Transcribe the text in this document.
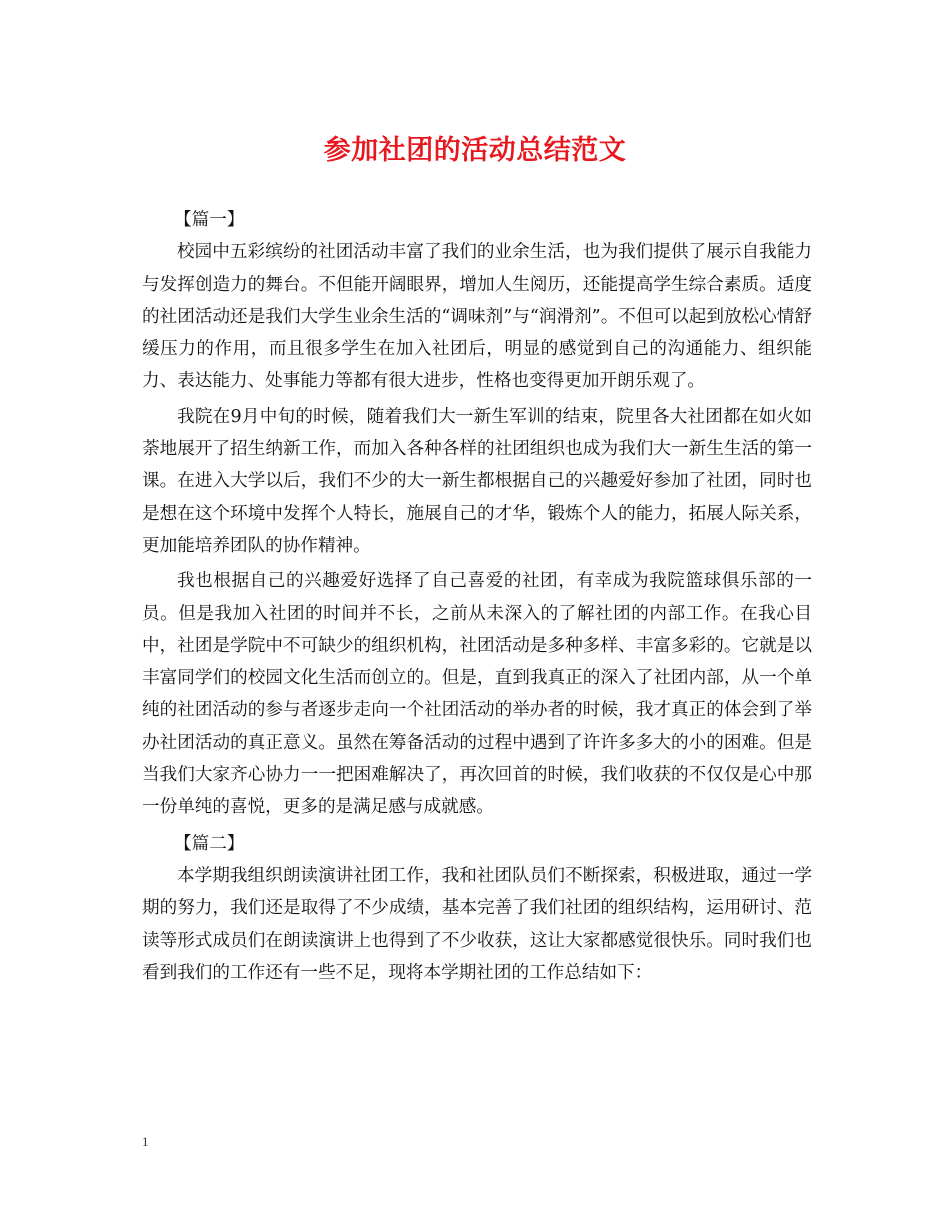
参加社团的活动总结范文
【篇一】

校园中五彩缤纷的社团活动丰富了我们的业余生活，也为我们提供了展示自我能力与发挥创造力的舞台。不但能开阔眼界，增加人生阅历，还能提高学生综合素质。适度的社团活动还是我们大学生业余生活的“调味剂”与“润滑剂”。不但可以起到放松心情舒缓压力的作用，而且很多学生在加入社团后，明显的感觉到自己的沟通能力、组织能力、表达能力、处事能力等都有很大进步，性格也变得更加开朗乐观了。

我院在9月中旬的时候，随着我们大一新生军训的结束，院里各大社团都在如火如荼地展开了招生纳新工作，而加入各种各样的社团组织也成为我们大一新生生活的第一课。在进入大学以后，我们不少的大一新生都根据自己的兴趣爱好参加了社团，同时也是想在这个环境中发挥个人特长，施展自己的才华，锻炼个人的能力，拓展人际关系，更加能培养团队的协作精神。

我也根据自己的兴趣爱好选择了自己喜爱的社团，有幸成为我院篮球俱乐部的一员。但是我加入社团的时间并不长，之前从未深入的了解社团的内部工作。在我心目中，社团是学院中不可缺少的组织机构，社团活动是多种多样、丰富多彩的。它就是以丰富同学们的校园文化生活而创立的。但是，直到我真正的深入了社团内部，从一个单纯的社团活动的参与者逐步走向一个社团活动的举办者的时候，我才真正的体会到了举办社团活动的真正意义。虽然在筹备活动的过程中遇到了许许多多大的小的困难。但是当我们大家齐心协力一一把困难解决了，再次回首的时候，我们收获的不仅仅是心中那一份单纯的喜悦，更多的是满足感与成就感。

【篇二】

本学期我组织朗读演讲社团工作，我和社团队员们不断探索，积极进取，通过一学期的努力，我们还是取得了不少成绩，基本完善了我们社团的组织结构，运用研讨、范读等形式成员们在朗读演讲上也得到了不少收获，这让大家都感觉很快乐。同时我们也看到我们的工作还有一些不足，现将本学期社团的工作总结如下：

1
